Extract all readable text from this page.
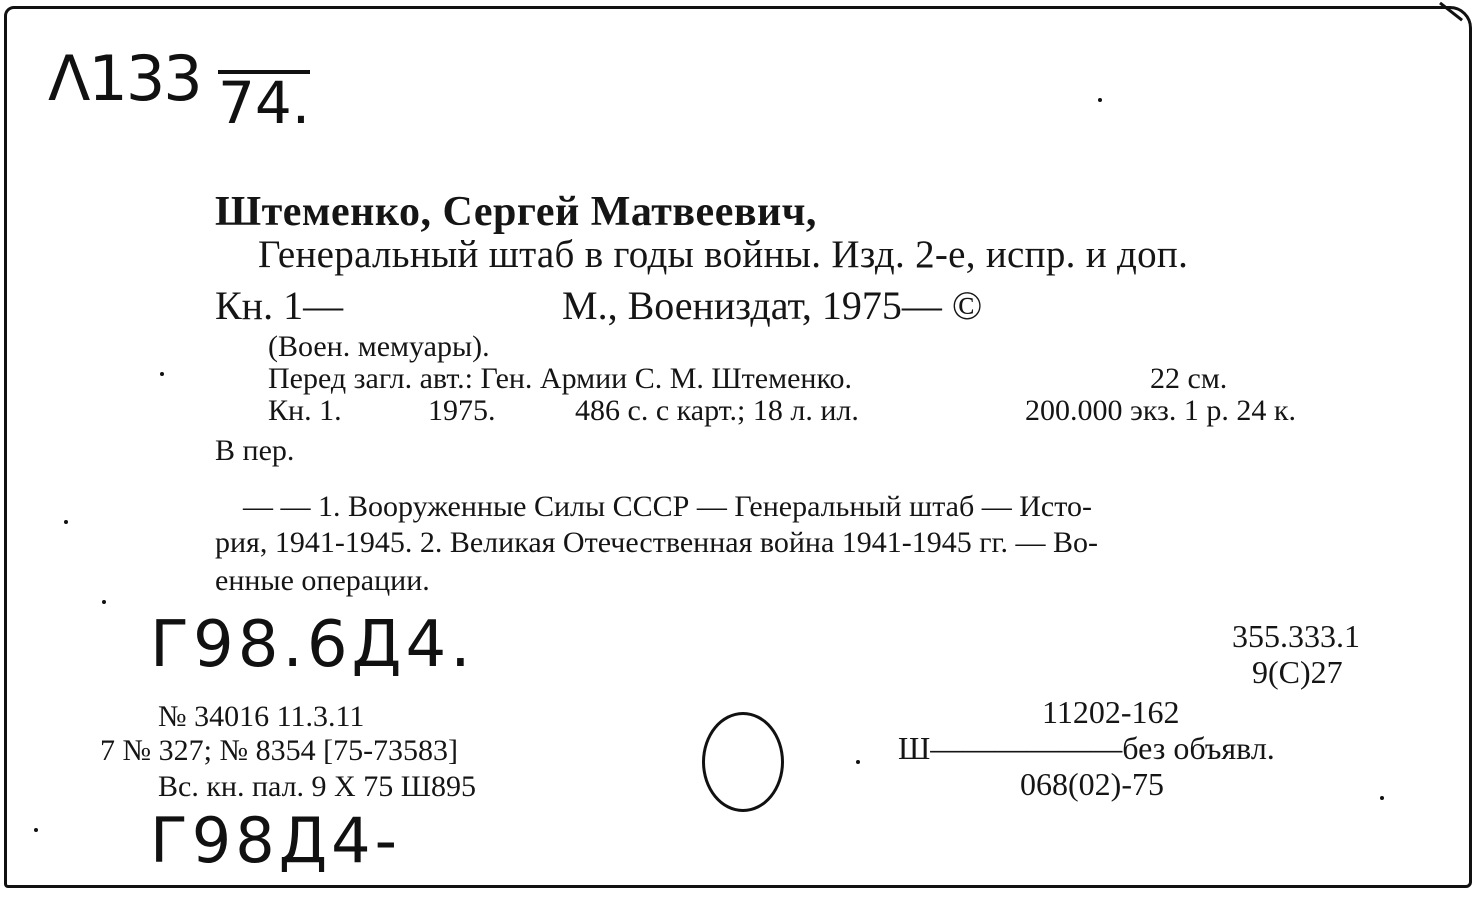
Λ133 74.
Штеменко, Сергей Матвеевич,
Генеральный штаб в годы войны. Изд. 2-е, испр. и доп.
Кн. 1—	М., Воениздат, 1975— ©
(Воен. мемуары).
Перед загл. авт.: Ген. Армии С. М. Штеменко.	22 см.
Кн. 1.	1975.	486 с. с карт.; 18 л. ил.	200.000 экз. 1 р. 24 к.
В пер.
— — 1. Вооруженные Силы СССР — Генеральный штаб — Исто-
рия, 1941-1945. 2. Великая Отечественная война 1941-1945 гг. — Во-
енные операции.
Г98.6Д4.	355.333.1
9(С)27
№ 34016 11.3.11
7 № 327; № 8354 [75-73583]
Вс. кн. пал. 9 X 75 Ш895
11202-162
Ш——————без объявл.
068(02)-75
Г98Д4-
